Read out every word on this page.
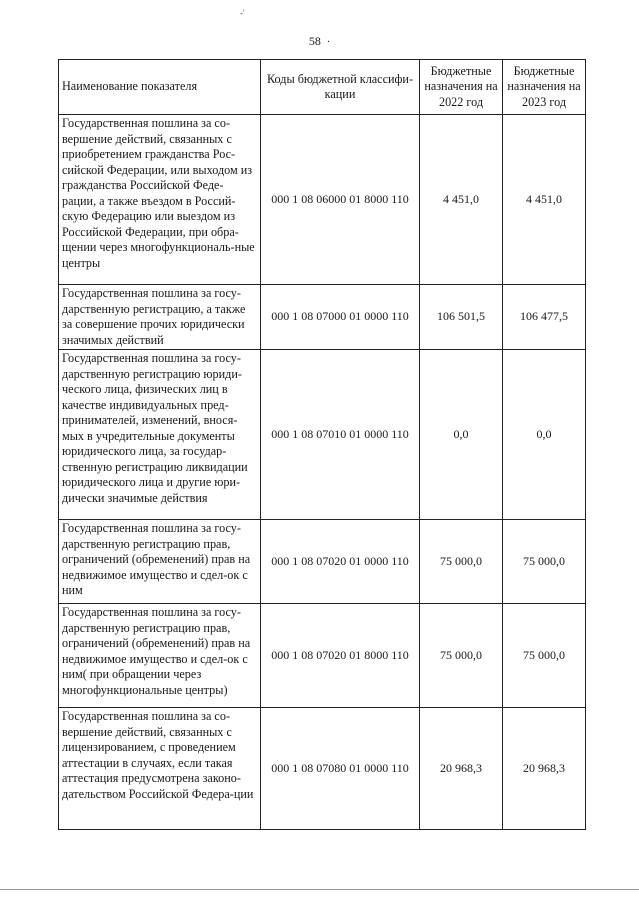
-'
58 ·
Наименование показателя	Коды бюджетной классифи-кации	Бюджетные назначения на 2022 год	Бюджетные назначения на 2023 год
Государственная пошлина за со-вершение действий, связанных с приобретением гражданства Рос-сийской Федерации, или выходом из гражданства Российской Феде-рации, а также въездом в Россий-скую Федерацию или выездом из Российской Федерации, при обра-щении через многофункциональ-ные центры	000 1 08 06000 01 8000 110	4 451,0	4 451,0
Государственная пошлина за госу-дарственную регистрацию, а также за совершение прочих юридически значимых действий	000 1 08 07000 01 0000 110	106 501,5	106 477,5
Государственная пошлина за госу-дарственную регистрацию юриди-ческого лица, физических лиц в качестве индивидуальных пред-принимателей, изменений, внося-мых в учредительные документы юридического лица, за государ-ственную регистрацию ликвидации юридического лица и другие юри-дически значимые действия	000 1 08 07010 01 0000 110	0,0	0,0
Государственная пошлина за госу-дарственную регистрацию прав, ограничений (обременений) прав на недвижимое имущество и сдел-ок с ним	000 1 08 07020 01 0000 110	75 000,0	75 000,0
Государственная пошлина за госу-дарственную регистрацию прав, ограничений (обременений) прав на недвижимое имущество и сдел-ок с ним( при обращении через многофункциональные центры)	000 1 08 07020 01 8000 110	75 000,0	75 000,0
Государственная пошлина за со-вершение действий, связанных с лицензированием, с проведением аттестации в случаях, если такая аттестация предусмотрена законо-дательством Российской Федера-ции	000 1 08 07080 01 0000 110	20 968,3	20 968,3
